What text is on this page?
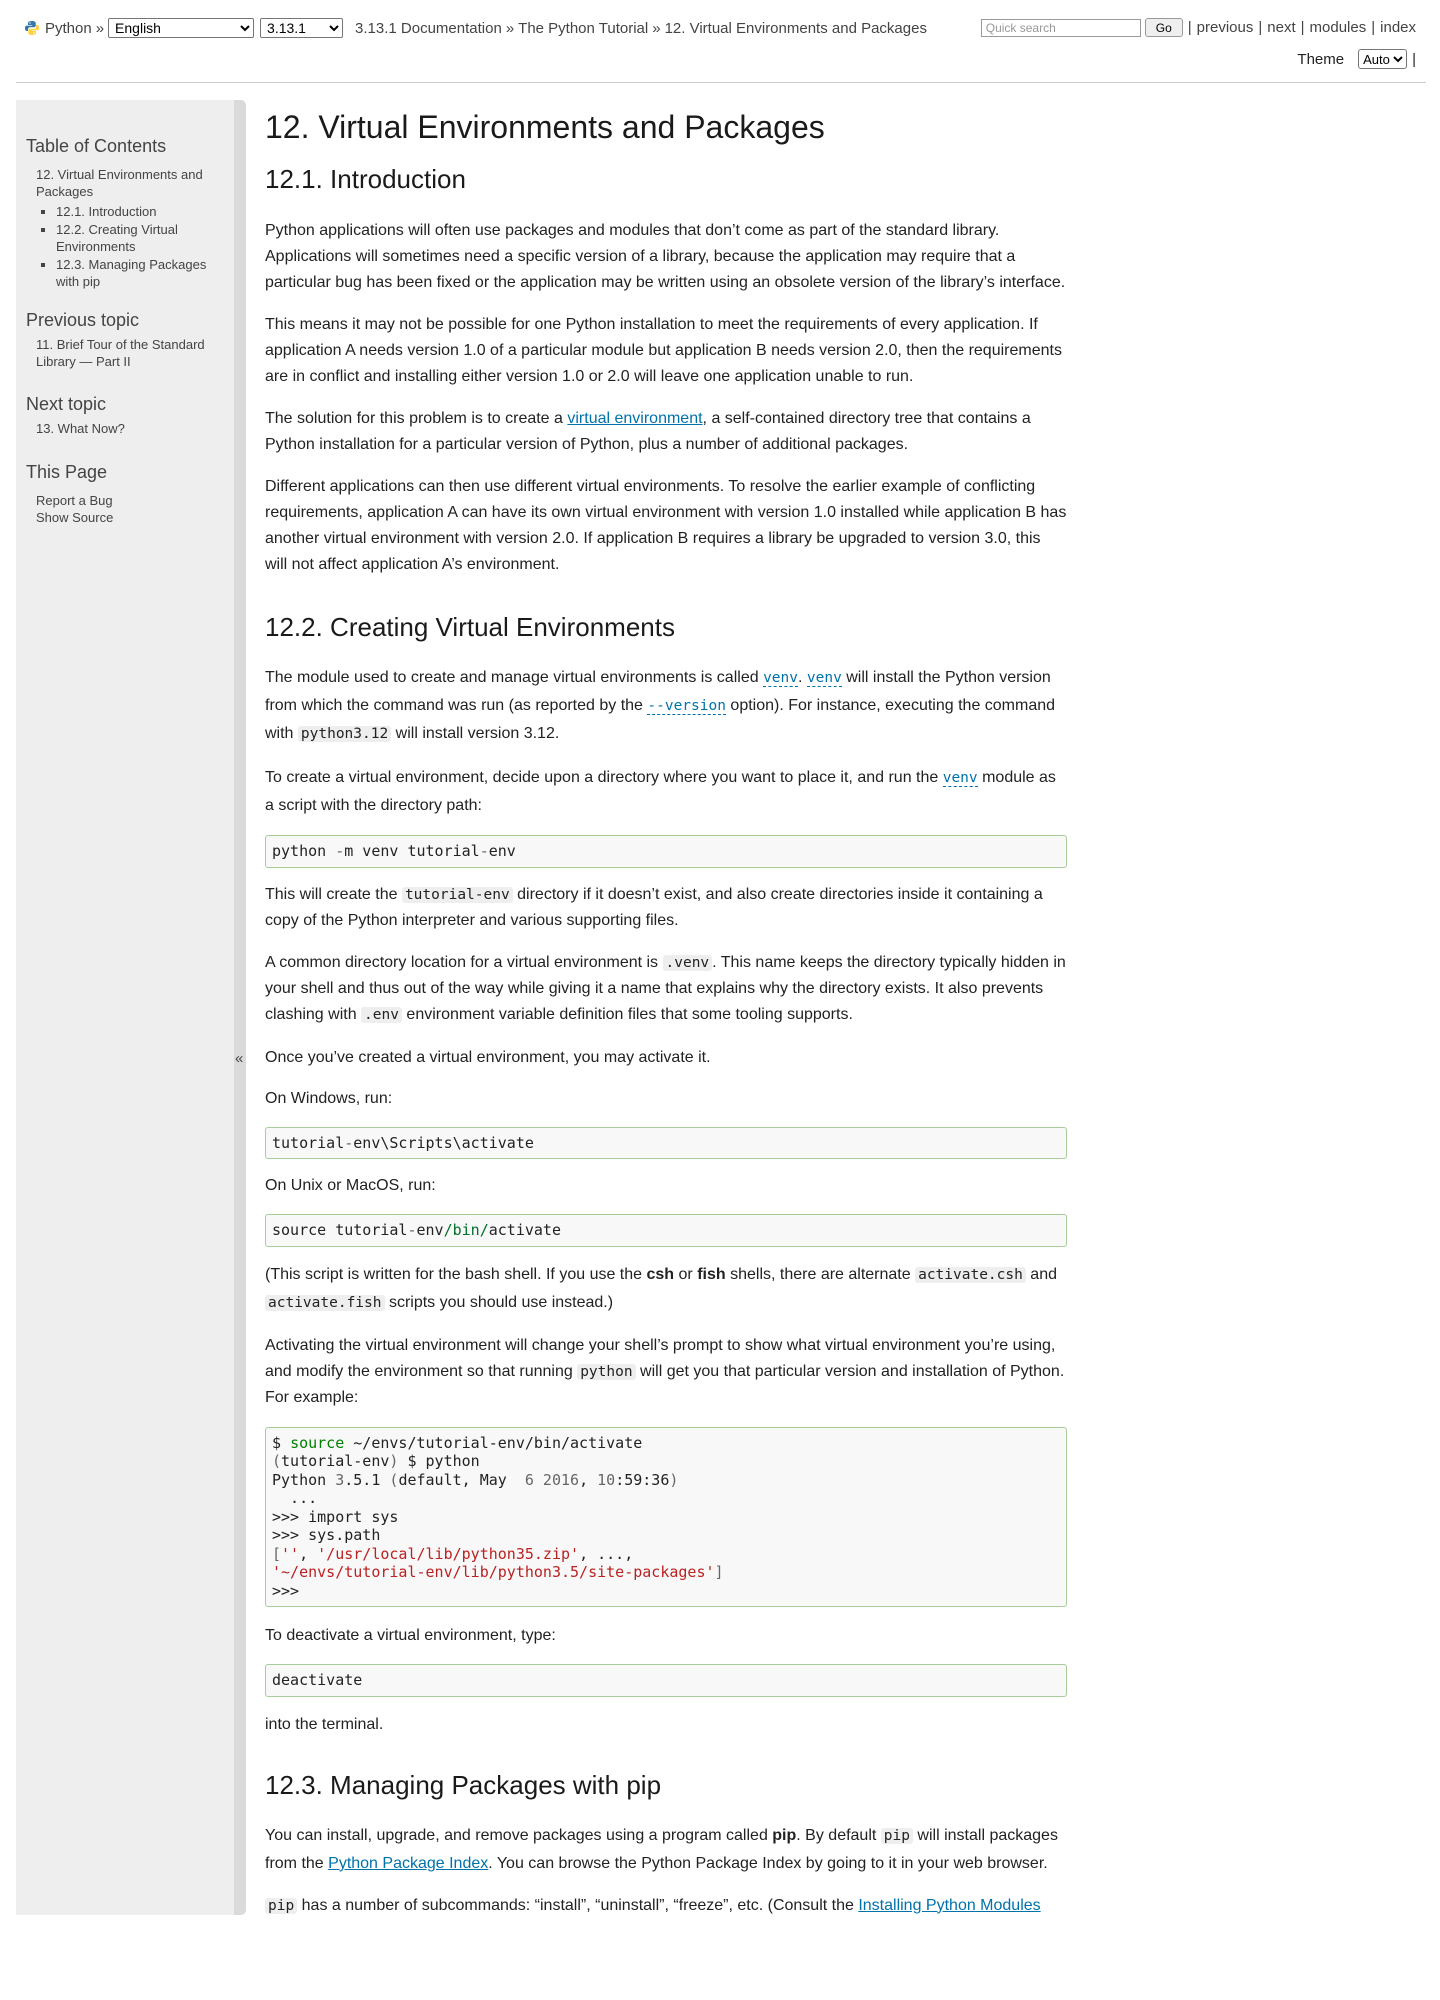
Python »
English
3.13.1	3.13.1 Documentation » The Python Tutorial » 12. Virtual Environments and Packages
Quick search	Go	| previous | next | modules | index
Theme
Auto	|
Table of Contents
12. Virtual Environments and Packages
▪ 12.1. Introduction
▪ 12.2. Creating Virtual Environments
▪ 12.3. Managing Packages with pip
Previous topic

11. Brief Tour of the Standard Library — Part II

Next topic

13. What Now?

This Page

Report a Bug
Show Source

«
12. Virtual Environments and Packages
12.1. Introduction

Python applications will often use packages and modules that don’t come as part of the standard library. Applications will sometimes need a specific version of a library, because the application may require that a particular bug has been fixed or the application may be written using an obsolete version of the library’s interface.

This means it may not be possible for one Python installation to meet the requirements of every application. If application A needs version 1.0 of a particular module but application B needs version 2.0, then the requirements are in conflict and installing either version 1.0 or 2.0 will leave one application unable to run.

The solution for this problem is to create a virtual environment, a self-contained directory tree that contains a Python installation for a particular version of Python, plus a number of additional packages.

Different applications can then use different virtual environments. To resolve the earlier example of conflicting requirements, application A can have its own virtual environment with version 1.0 installed while application B has another virtual environment with version 2.0. If application B requires a library be upgraded to version 3.0, this will not affect application A’s environment.

12.2. Creating Virtual Environments

The module used to create and manage virtual environments is called venv. venv will install the Python version from which the command was run (as reported by the --version option). For instance, executing the command with python3.12 will install version 3.12.

To create a virtual environment, decide upon a directory where you want to place it, and run the venv module as a script with the directory path:

python -m venv tutorial-env

This will create the tutorial-env directory if it doesn’t exist, and also create directories inside it containing a copy of the Python interpreter and various supporting files.

A common directory location for a virtual environment is .venv . This name keeps the directory typically hidden in your shell and thus out of the way while giving it a name that explains why the directory exists. It also prevents clashing with .env environment variable definition files that some tooling supports.

Once you’ve created a virtual environment, you may activate it.

On Windows, run:

tutorial-env\Scripts\activate

On Unix or MacOS, run:

source tutorial-env/bin/activate

(This script is written for the bash shell. If you use the csh or fish shells, there are alternate activate.csh and activate.fish scripts you should use instead.)

Activating the virtual environment will change your shell’s prompt to show what virtual environment you’re using, and modify the environment so that running python will get you that particular version and installation of Python. For example:

$ source ~/envs/tutorial-env/bin/activate
(tutorial-env) $ python
Python 3.5.1 (default, May  6 2016, 10:59:36)
...
>>> import sys
>>> sys.path
['', '/usr/local/lib/python35.zip', ...,
'~/envs/tutorial-env/lib/python3.5/site-packages']
>>>

To deactivate a virtual environment, type:

deactivate

into the terminal.

12.3. Managing Packages with pip

You can install, upgrade, and remove packages using a program called pip. By default pip will install packages from the Python Package Index. You can browse the Python Package Index by going to it in your web browser.

pip has a number of subcommands: “install”, “uninstall”, “freeze”, etc. (Consult the Installing Python Modules
